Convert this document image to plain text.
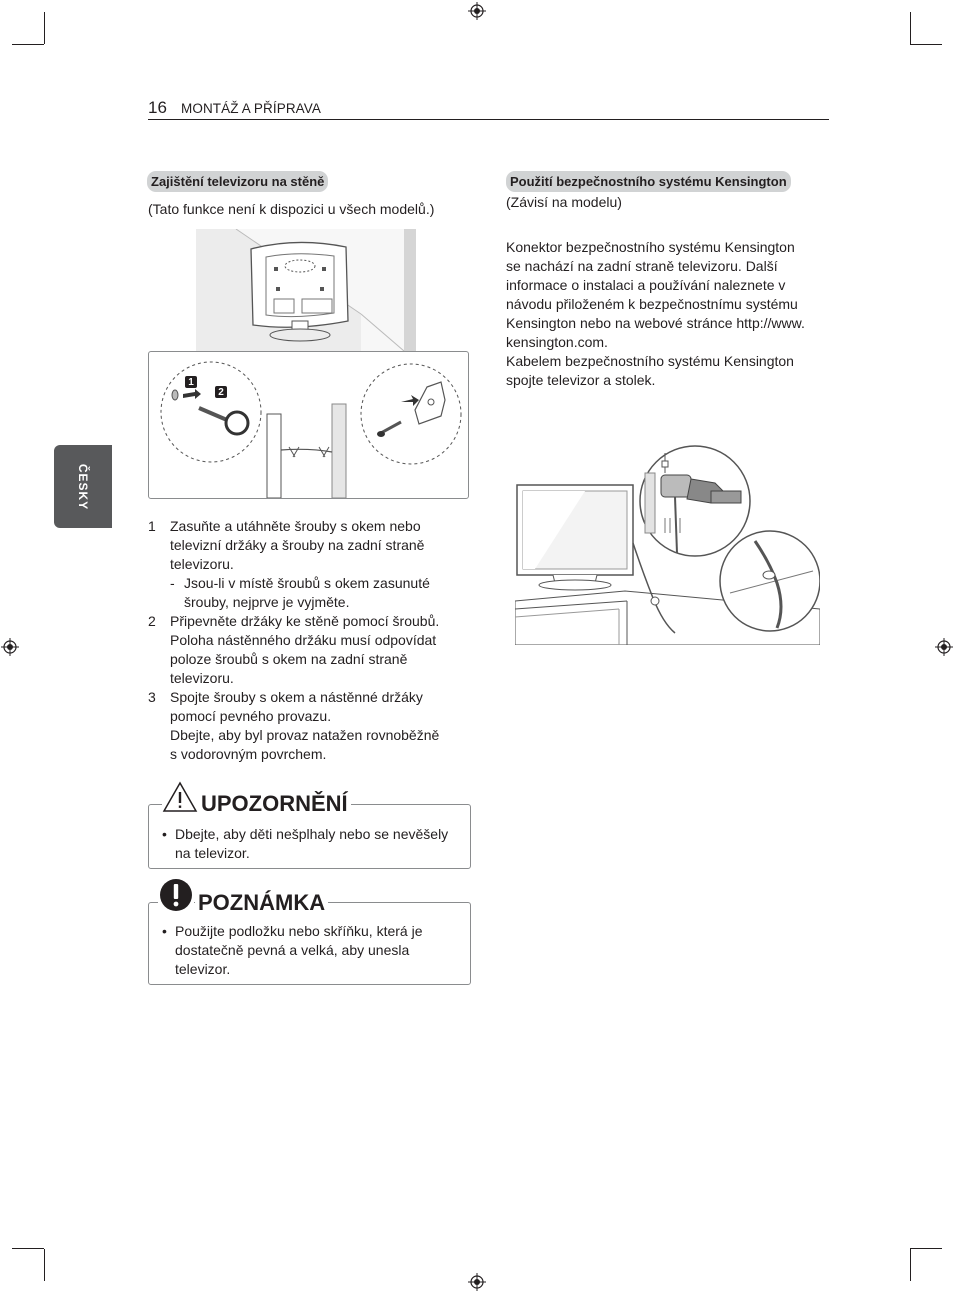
16 MONTÁŽ A PŘÍPRAVA
ČESKY
Zajištění televizoru na stěně
(Tato funkce není k dispozici u všech modelů.)
1
2
1 Zasuňte a utáhněte šrouby s okem nebo
televizní držáky a šrouby na zadní straně
televizoru.
- Jsou-li v místě šroubů s okem zasunuté
šrouby, nejprve je vyjměte.
2 Připevněte držáky ke stěně pomocí šroubů.
Poloha nástěnného držáku musí odpovídat
poloze šroubů s okem na zadní straně
televizoru.
3 Spojte šrouby s okem a nástěnné držáky
pomocí pevného provazu.
Dbejte, aby byl provaz natažen rovnoběžně
s vodorovným povrchem.
UPOZORNĚNÍ
• Dbejte, aby děti nešplhaly nebo se nevěšely
na televizor.
POZNÁMKA
• Použijte podložku nebo skříňku, která je
dostatečně pevná a velká, aby unesla
televizor.
Použití bezpečnostního systému Kensington
(Závisí na modelu)
Konektor bezpečnostního systému Kensington
se nachází na zadní straně televizoru. Další
informace o instalaci a používání naleznete v
návodu přiloženém k bezpečnostnímu systému
Kensington nebo na webové stránce http://www.
kensington.com.
Kabelem bezpečnostního systému Kensington
spojte televizor a stolek.
